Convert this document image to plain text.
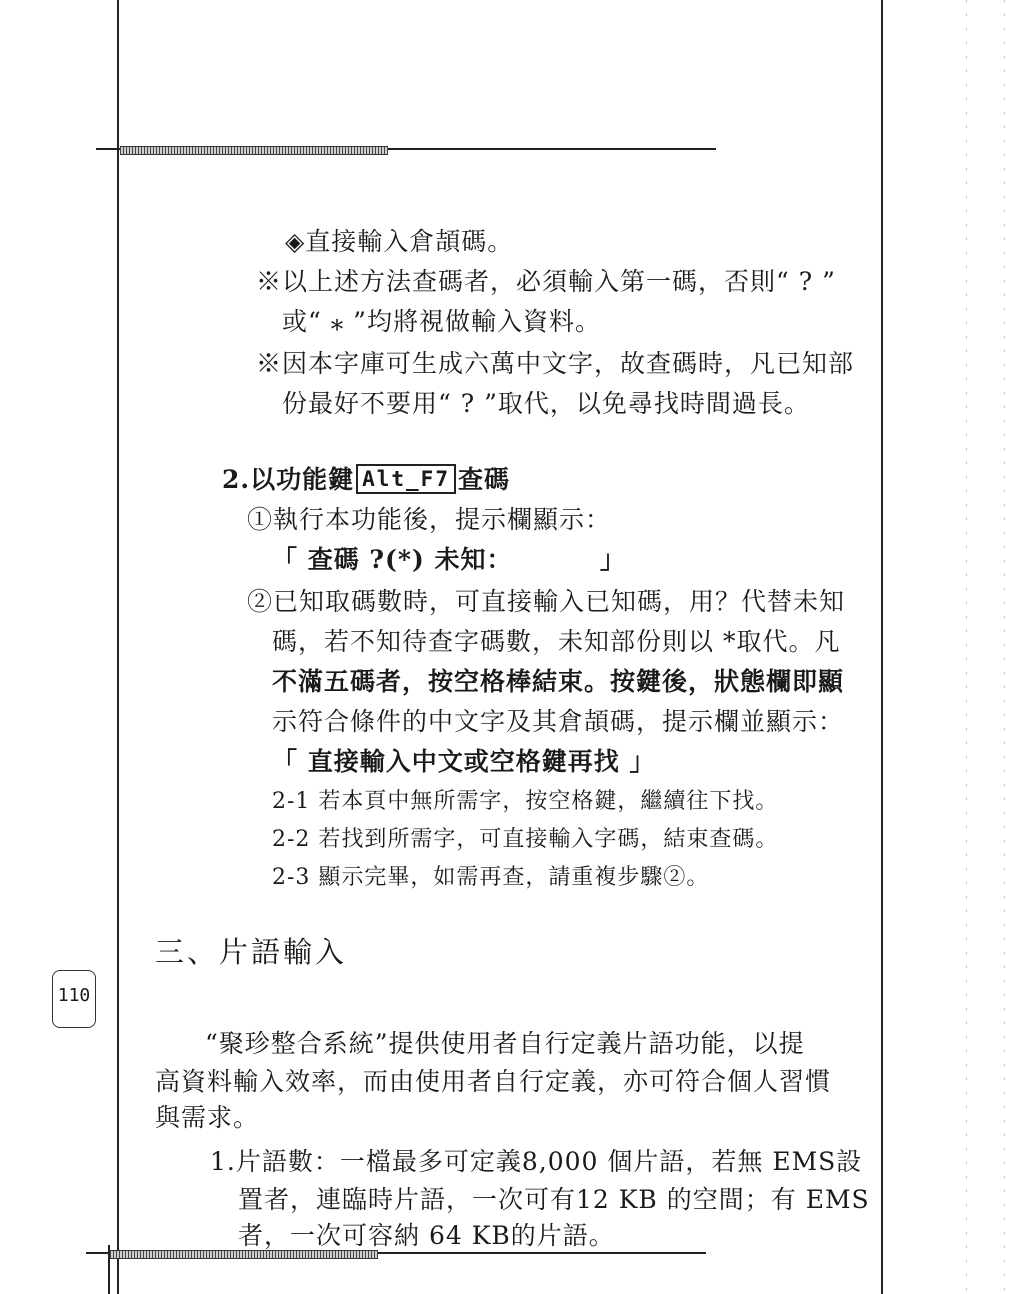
◈直接輸入倉頡碼。
※以上述方法查碼者，必須輸入第一碼，否則“ ? ”
或“ ⁎ ”均將視做輸入資料。
※因本字庫可生成六萬中文字，故查碼時，凡已知部
份最好不要用“ ? ”取代，以免尋找時間過長。
2.以功能鍵 Alt_F7 查碼
①執行本功能後，提示欄顯示：
「 查碼 ?(*) 未知：         」
②已知取碼數時，可直接輸入已知碼，用？代替未知
碼，若不知待查字碼數，未知部份則以 *取代。凡
不滿五碼者，按空格棒結束。按鍵後，狀態欄即顯
示符合條件的中文字及其倉頡碼，提示欄並顯示：
「 直接輸入中文或空格鍵再找 」
2-1 若本頁中無所需字，按空格鍵，繼續往下找。
2-2 若找到所需字，可直接輸入字碼，結束查碼。
2-3 顯示完畢，如需再查，請重複步驟②。
三、片語輸入
110
“聚珍整合系統”提供使用者自行定義片語功能，以提
高資料輸入效率，而由使用者自行定義，亦可符合個人習慣
與需求。
1.片語數：一檔最多可定義8,000 個片語，若無 EMS設
置者，連臨時片語，一次可有12 KB 的空間；有 EMS
者，一次可容納 64 KB的片語。
